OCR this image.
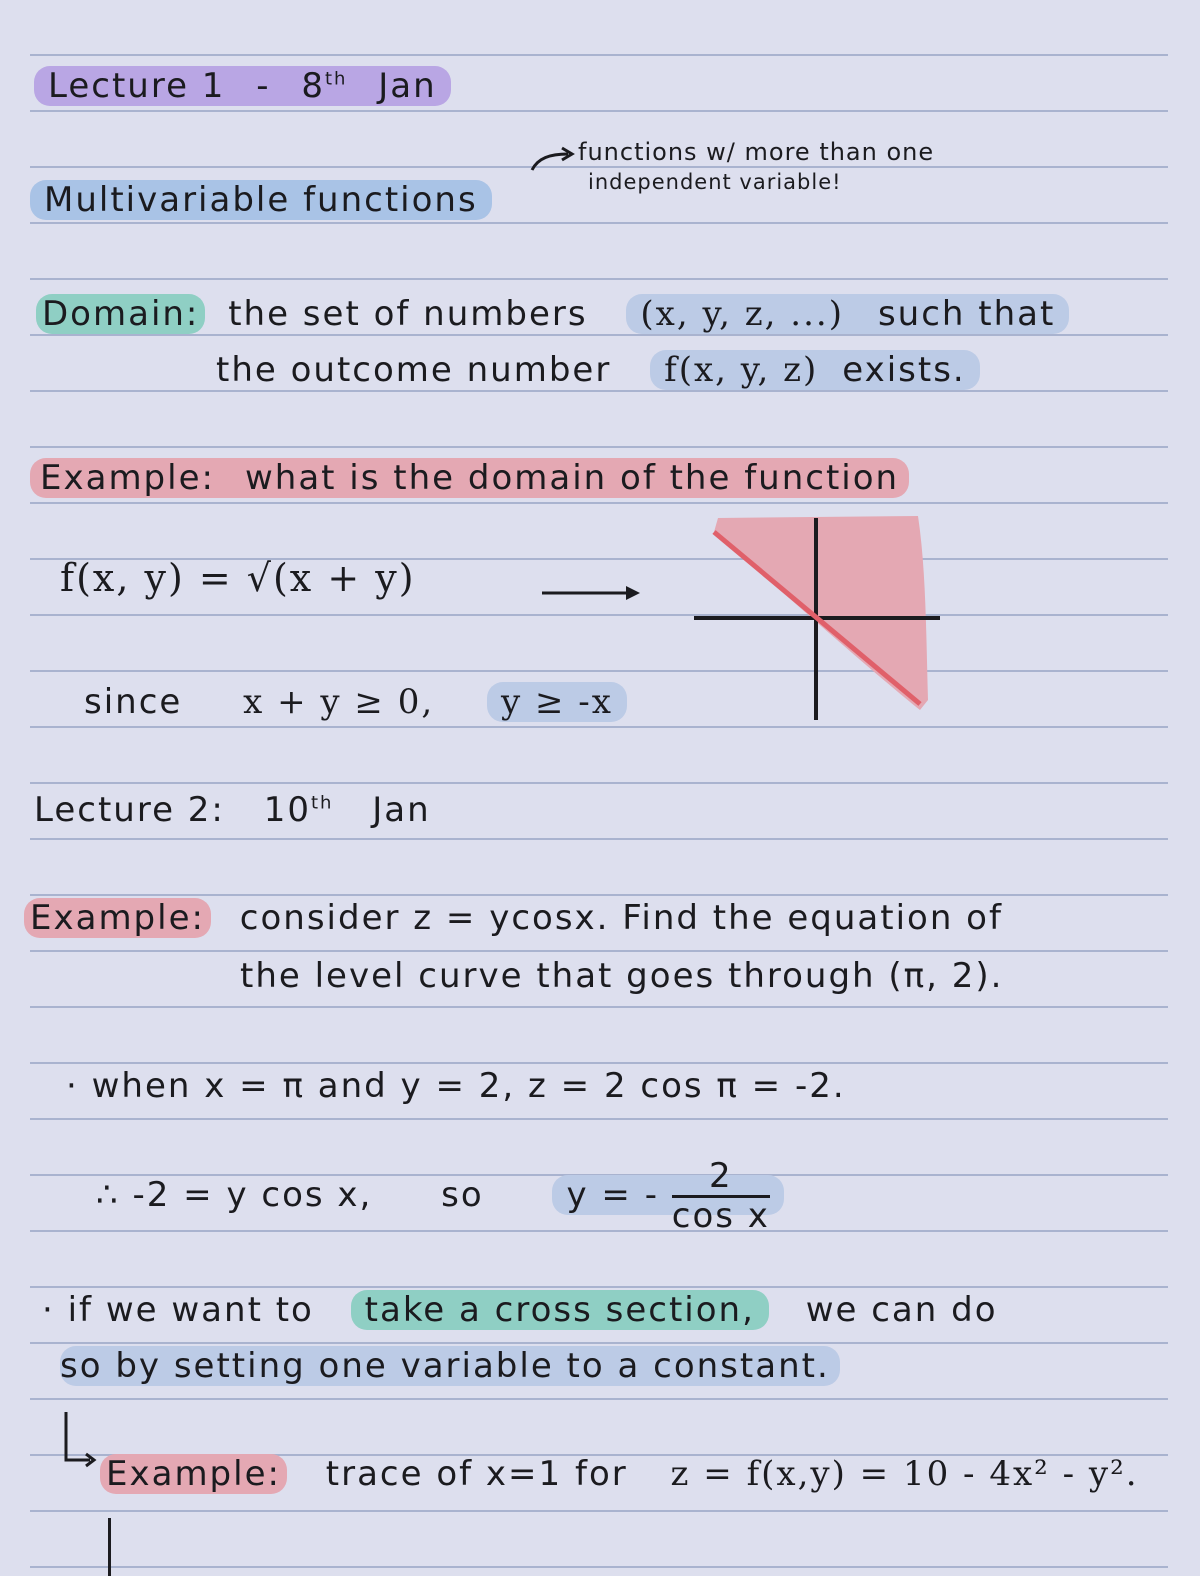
Lecture 1 - 8th Jan
Multivariable functions
functions w/ more than one
independent variable!
Domain: the set of numbers (x, y, z, ...) such that
the outcome number f(x, y, z) exists.
Example: what is the domain of the function
f(x, y) = √(x + y)
since x + y ≥ 0, y ≥ -x
Lecture 2: 10th Jan
Example: consider z = ycosx. Find the equation of
the level curve that goes through (π, 2).
· when x = π and y = 2, z = 2 cos π = -2.
∴ -2 = y cos x, so y = - $\frac{2}{\text{cos x}}$
· if we want to take a cross section, we can do
so by setting one variable to a constant.
Example: trace of x=1 for z = f(x,y) = 10 - 4x² - y².
